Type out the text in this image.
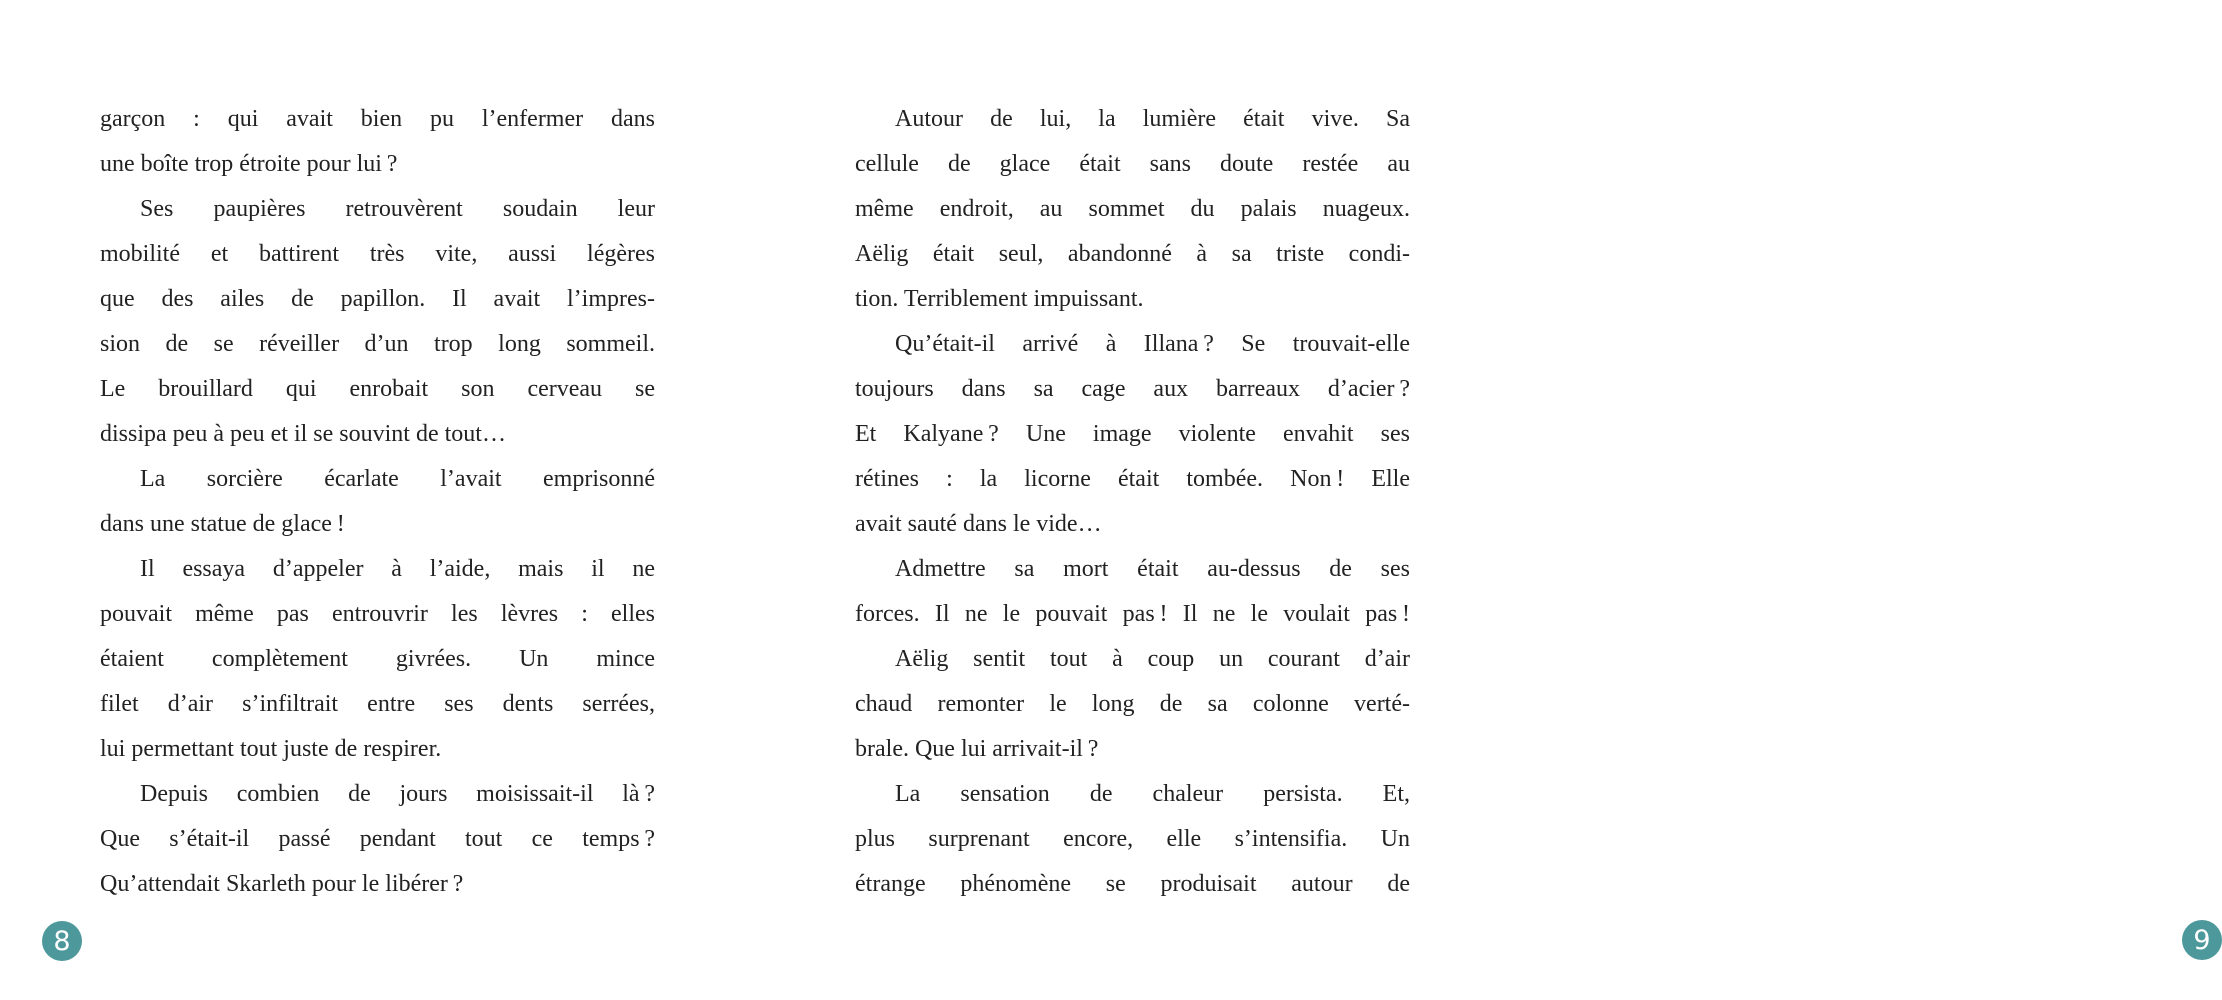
garçon : qui avait bien pu l’enfermer dans
une boîte trop étroite pour lui ?
Ses paupières retrouvèrent soudain leur
mobilité et battirent très vite, aussi légères
que des ailes de papillon. Il avait l’impres-
sion de se réveiller d’un trop long sommeil.
Le brouillard qui enrobait son cerveau se
dissipa peu à peu et il se souvint de tout…
La sorcière écarlate l’avait emprisonné
dans une statue de glace !
Il essaya d’appeler à l’aide, mais il ne
pouvait même pas entrouvrir les lèvres : elles
étaient complètement givrées. Un mince
filet d’air s’infiltrait entre ses dents serrées,
lui permettant tout juste de respirer.
Depuis combien de jours moisissait-il là ?
Que s’était-il passé pendant tout ce temps ?
Qu’attendait Skarleth pour le libérer ?
8
Autour de lui, la lumière était vive. Sa
cellule de glace était sans doute restée au
même endroit, au sommet du palais nuageux.
Aëlig était seul, abandonné à sa triste condi-
tion. Terriblement impuissant.
Qu’était-il arrivé à Illana ? Se trouvait-elle
toujours dans sa cage aux barreaux d’acier ?
Et Kalyane ? Une image violente envahit ses
rétines : la licorne était tombée. Non ! Elle
avait sauté dans le vide…
Admettre sa mort était au-dessus de ses
forces. Il ne le pouvait pas ! Il ne le voulait pas !
Aëlig sentit tout à coup un courant d’air
chaud remonter le long de sa colonne verté-
brale. Que lui arrivait-il ?
La sensation de chaleur persista. Et,
plus surprenant encore, elle s’intensifia. Un
étrange phénomène se produisait autour de
9
